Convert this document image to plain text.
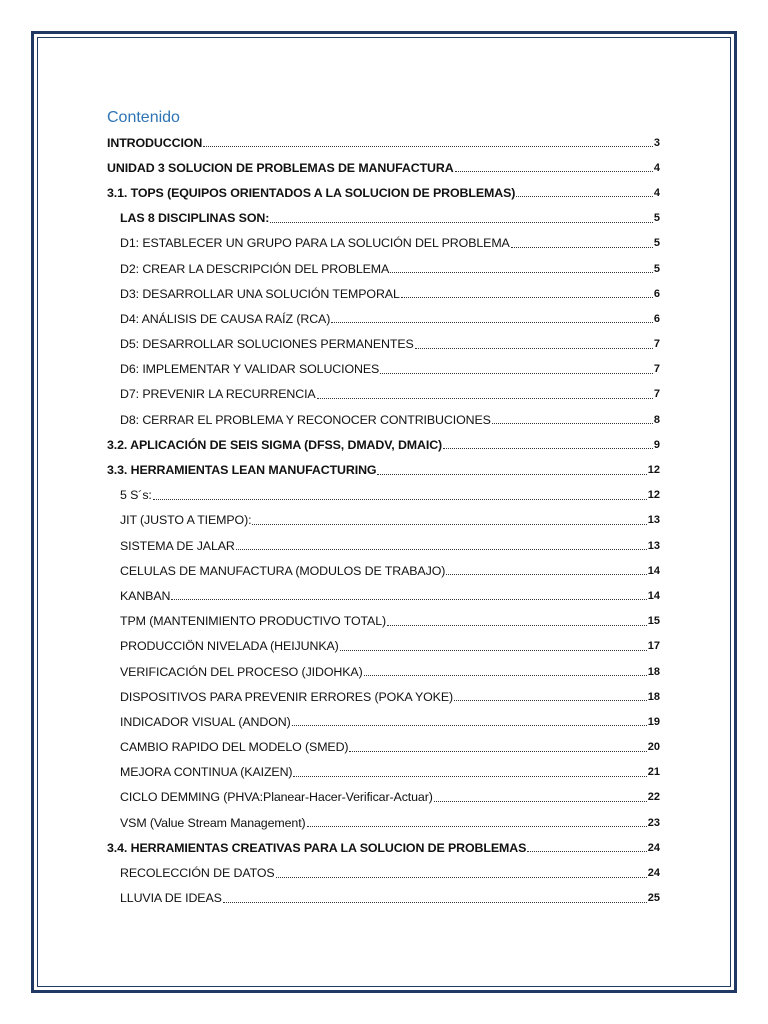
Contenido
INTRODUCCION	3
UNIDAD 3 SOLUCION DE PROBLEMAS DE MANUFACTURA	4
3.1. TOPS (EQUIPOS ORIENTADOS A LA SOLUCION DE PROBLEMAS)	4
LAS 8 DISCIPLINAS SON:	5
D1: ESTABLECER UN GRUPO PARA LA SOLUCIÓN DEL PROBLEMA	5
D2: CREAR LA DESCRIPCIÓN DEL PROBLEMA	5
D3: DESARROLLAR UNA SOLUCIÓN TEMPORAL	6
D4: ANÁLISIS DE CAUSA RAÍZ (RCA)	6
D5: DESARROLLAR SOLUCIONES PERMANENTES	7
D6: IMPLEMENTAR Y VALIDAR SOLUCIONES	7
D7: PREVENIR LA RECURRENCIA	7
D8: CERRAR EL PROBLEMA Y RECONOCER CONTRIBUCIONES	8
3.2. APLICACIÓN DE SEIS SIGMA (DFSS, DMADV, DMAIC)	9
3.3. HERRAMIENTAS LEAN MANUFACTURING	12
5 S´s:	12
JIT (JUSTO A TIEMPO):	13
SISTEMA DE JALAR	13
CELULAS DE MANUFACTURA (MODULOS DE TRABAJO)	14
KANBAN	14
TPM (MANTENIMIENTO PRODUCTIVO TOTAL)	15
PRODUCCIÖN NIVELADA (HEIJUNKA)	17
VERIFICACIÓN DEL PROCESO (JIDOHKA)	18
DISPOSITIVOS PARA PREVENIR ERRORES (POKA YOKE)	18
INDICADOR VISUAL (ANDON)	19
CAMBIO RAPIDO DEL MODELO (SMED)	20
MEJORA CONTINUA (KAIZEN)	21
CICLO DEMMING (PHVA:Planear-Hacer-Verificar-Actuar)	22
VSM (Value Stream Management)	23
3.4. HERRAMIENTAS CREATIVAS PARA LA SOLUCION DE PROBLEMAS	24
RECOLECCIÓN DE DATOS	24
LLUVIA DE IDEAS	25
